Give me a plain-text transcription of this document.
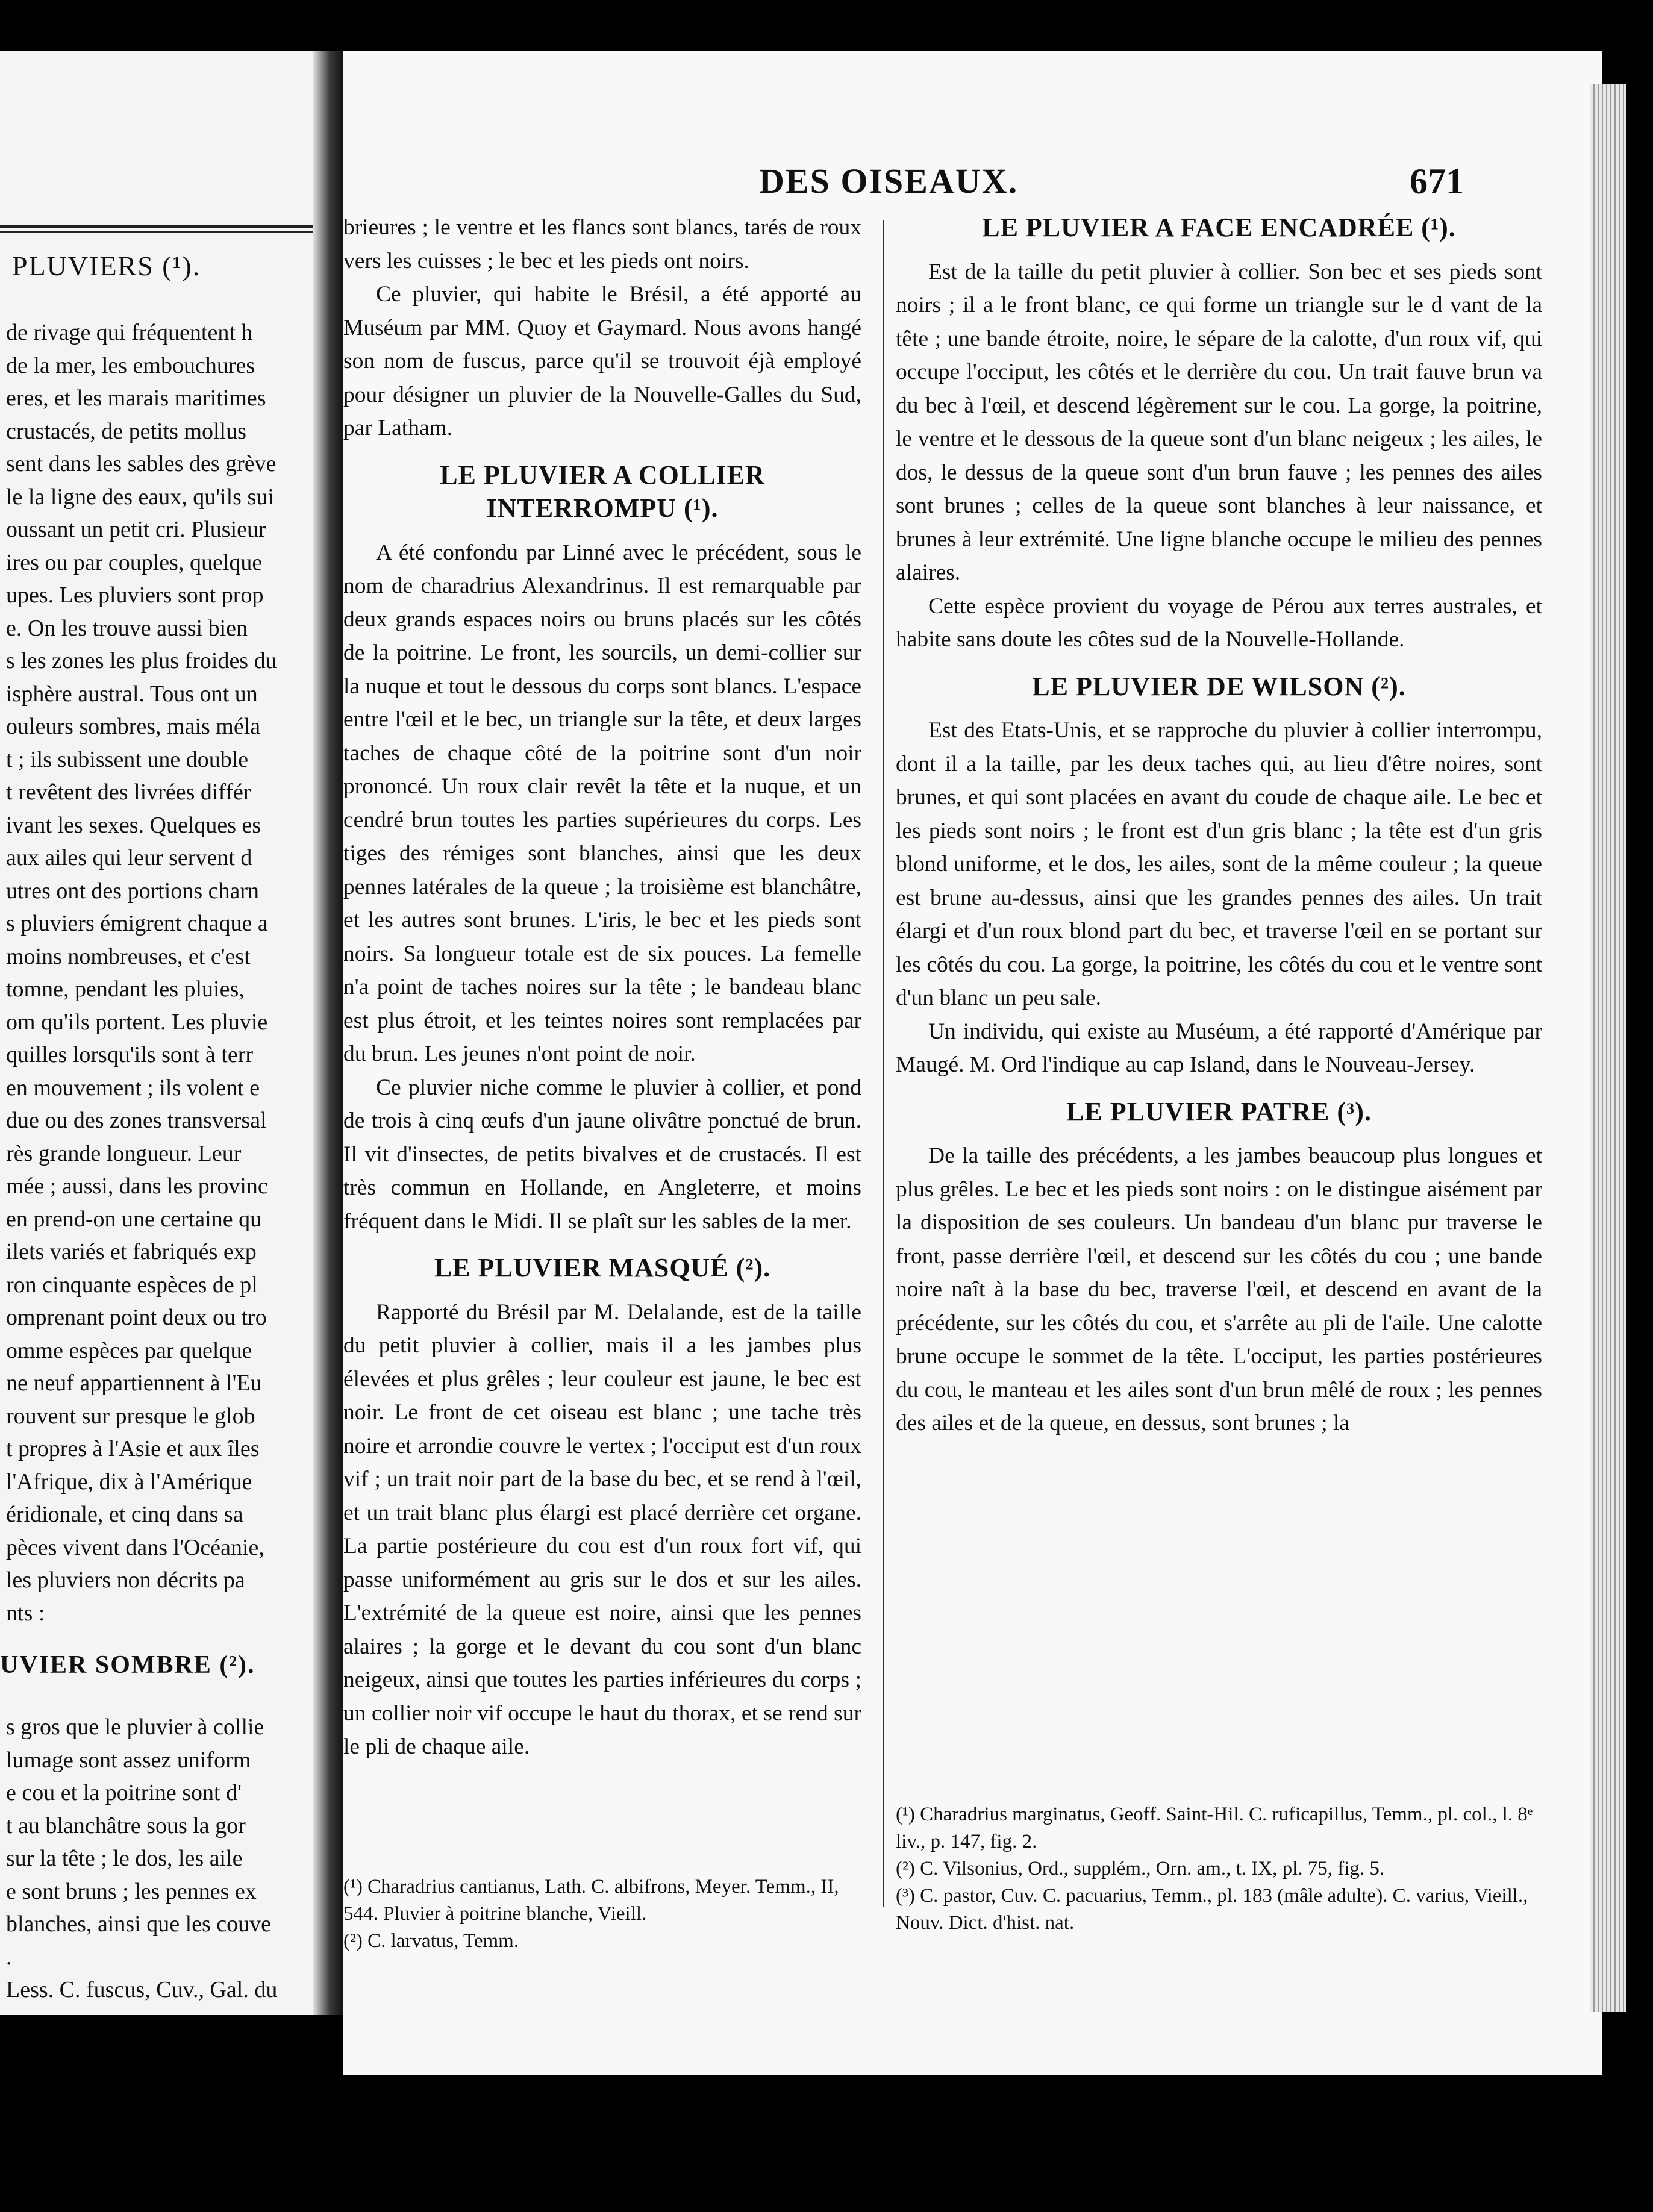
PLUVIERS (¹).
de rivage qui fréquentent h
de la mer, les embouchures
eres, et les marais maritimes
crustacés, de petits mollus
sent dans les sables des grève
le la ligne des eaux, qu'ils sui
oussant un petit cri. Plusieur
ires ou par couples, quelque
upes. Les pluviers sont prop
e. On les trouve aussi bien
s les zones les plus froides du
isphère austral. Tous ont un
ouleurs sombres, mais méla
t ; ils subissent une double
t revêtent des livrées différ
ivant les sexes. Quelques es
aux ailes qui leur servent d
utres ont des portions charn
s pluviers émigrent chaque a
moins nombreuses, et c'est
tomne, pendant les pluies,
om qu'ils portent. Les pluvie
quilles lorsqu'ils sont à terr
en mouvement ; ils volent e
due ou des zones transversal
rès grande longueur. Leur
mée ; aussi, dans les provinc
en prend-on une certaine qu
ilets variés et fabriqués exp
ron cinquante espèces de pl
omprenant point deux ou tro
omme espèces par quelque
ne neuf appartiennent à l'Eu
rouvent sur presque le glob
t propres à l'Asie et aux îles
l'Afrique, dix à l'Amérique
éridionale, et cinq dans sa
pèces vivent dans l'Océanie,
les pluviers non décrits pa
nts :
UVIER SOMBRE (²).
s gros que le pluvier à collie
lumage sont assez uniform
e cou et la poitrine sont d'
t au blanchâtre sous la gor
sur la tête ; le dos, les aile
e sont bruns ; les pennes ex
blanches, ainsi que les couve
.
Less. C. fuscus, Cuv., Gal. du
DES OISEAUX.	671

brieures ; le ventre et les flancs sont blancs, tarés de roux vers les cuisses ; le bec et les pieds ont noirs.

Ce pluvier, qui habite le Brésil, a été apporté au Muséum par MM. Quoy et Gaymard. Nous avons hangé son nom de fuscus, parce qu'il se trouvoit éjà employé pour désigner un pluvier de la Nouvelle-Galles du Sud, par Latham.

LE PLUVIER A COLLIER INTERROMPU (¹).

A été confondu par Linné avec le précédent, sous le nom de charadrius Alexandrinus. Il est remarquable par deux grands espaces noirs ou bruns placés sur les côtés de la poitrine. Le front, les sourcils, un demi-collier sur la nuque et tout le dessous du corps sont blancs. L'espace entre l'œil et le bec, un triangle sur la tête, et deux larges taches de chaque côté de la poitrine sont d'un noir prononcé. Un roux clair revêt la tête et la nuque, et un cendré brun toutes les parties supérieures du corps. Les tiges des rémiges sont blanches, ainsi que les deux pennes latérales de la queue ; la troisième est blanchâtre, et les autres sont brunes. L'iris, le bec et les pieds sont noirs. Sa longueur totale est de six pouces. La femelle n'a point de taches noires sur la tête ; le bandeau blanc est plus étroit, et les teintes noires sont remplacées par du brun. Les jeunes n'ont point de noir.

Ce pluvier niche comme le pluvier à collier, et pond de trois à cinq œufs d'un jaune olivâtre ponctué de brun. Il vit d'insectes, de petits bivalves et de crustacés. Il est très commun en Hollande, en Angleterre, et moins fréquent dans le Midi. Il se plaît sur les sables de la mer.

LE PLUVIER MASQUÉ (²).

Rapporté du Brésil par M. Delalande, est de la taille du petit pluvier à collier, mais il a les jambes plus élevées et plus grêles ; leur couleur est jaune, le bec est noir. Le front de cet oiseau est blanc ; une tache très noire et arrondie couvre le vertex ; l'occiput est d'un roux vif ; un trait noir part de la base du bec, et se rend à l'œil, et un trait blanc plus élargi est placé derrière cet organe. La partie postérieure du cou est d'un roux fort vif, qui passe uniformément au gris sur le dos et sur les ailes. L'extrémité de la queue est noire, ainsi que les pennes alaires ; la gorge et le devant du cou sont d'un blanc neigeux, ainsi que toutes les parties inférieures du corps ; un collier noir vif occupe le haut du thorax, et se rend sur le pli de chaque aile.

(¹) Charadrius cantianus, Lath. C. albifrons, Meyer. Temm., II, 544. Pluvier à poitrine blanche, Vieill.

(²) C. larvatus, Temm.

LE PLUVIER A FACE ENCADRÉE (¹).

Est de la taille du petit pluvier à collier. Son bec et ses pieds sont noirs ; il a le front blanc, ce qui forme un triangle sur le d vant de la tête ; une bande étroite, noire, le sépare de la calotte, d'un roux vif, qui occupe l'occiput, les côtés et le derrière du cou. Un trait fauve brun va du bec à l'œil, et descend légèrement sur le cou. La gorge, la poitrine, le ventre et le dessous de la queue sont d'un blanc neigeux ; les ailes, le dos, le dessus de la queue sont d'un brun fauve ; les pennes des ailes sont brunes ; celles de la queue sont blanches à leur naissance, et brunes à leur extrémité. Une ligne blanche occupe le milieu des pennes alaires.

Cette espèce provient du voyage de Pérou aux terres australes, et habite sans doute les côtes sud de la Nouvelle-Hollande.

LE PLUVIER DE WILSON (²).

Est des Etats-Unis, et se rapproche du pluvier à collier interrompu, dont il a la taille, par les deux taches qui, au lieu d'être noires, sont brunes, et qui sont placées en avant du coude de chaque aile. Le bec et les pieds sont noirs ; le front est d'un gris blanc ; la tête est d'un gris blond uniforme, et le dos, les ailes, sont de la même couleur ; la queue est brune au-dessus, ainsi que les grandes pennes des ailes. Un trait élargi et d'un roux blond part du bec, et traverse l'œil en se portant sur les côtés du cou. La gorge, la poitrine, les côtés du cou et le ventre sont d'un blanc un peu sale.

Un individu, qui existe au Muséum, a été rapporté d'Amérique par Maugé. M. Ord l'indique au cap Island, dans le Nouveau-Jersey.

LE PLUVIER PATRE (³).

De la taille des précédents, a les jambes beaucoup plus longues et plus grêles. Le bec et les pieds sont noirs : on le distingue aisément par la disposition de ses couleurs. Un bandeau d'un blanc pur traverse le front, passe derrière l'œil, et descend sur les côtés du cou ; une bande noire naît à la base du bec, traverse l'œil, et descend en avant de la précédente, sur les côtés du cou, et s'arrête au pli de l'aile. Une calotte brune occupe le sommet de la tête. L'occiput, les parties postérieures du cou, le manteau et les ailes sont d'un brun mêlé de roux ; les pennes des ailes et de la queue, en dessus, sont brunes ; la

(¹) Charadrius marginatus, Geoff. Saint-Hil. C. ruficapillus, Temm., pl. col., l. 8ᵉ liv., p. 147, fig. 2.

(²) C. Vilsonius, Ord., supplém., Orn. am., t. IX, pl. 75, fig. 5.

(³) C. pastor, Cuv. C. pacuarius, Temm., pl. 183 (mâle adulte). C. varius, Vieill., Nouv. Dict. d'hist. nat.
